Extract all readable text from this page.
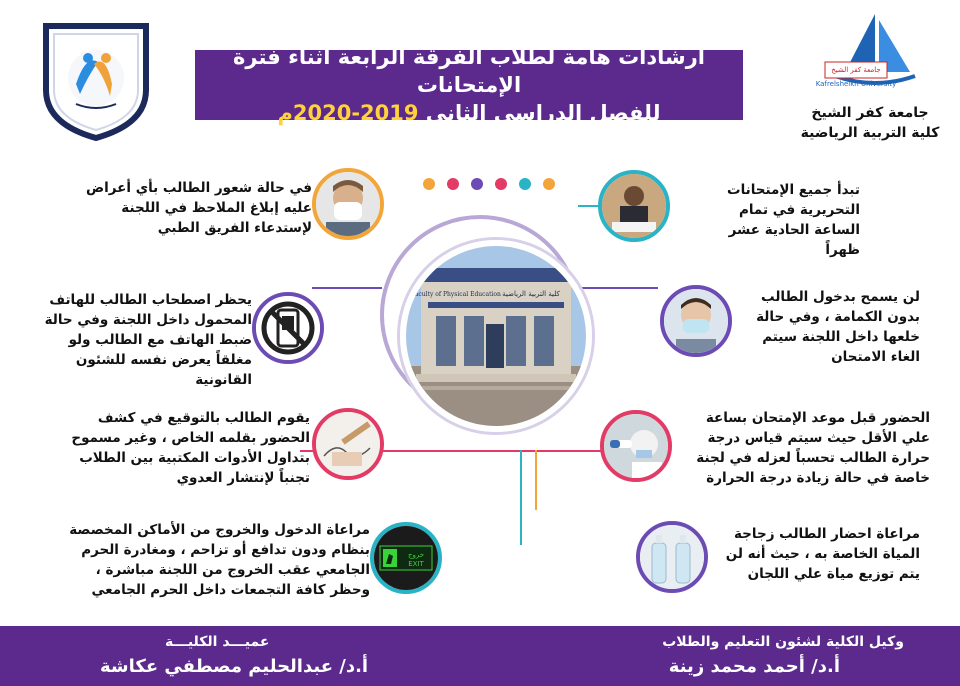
جامعة كفر الشيخ
Kafrelsheikh University
جامعة كفر الشيخ
كلية التربية الرياضية
ارشادات هامة لطلاب الفرقة الرابعة أثناء فترة الإمتحانات
للفصل الدراسي الثاني 2019-2020م
كلية التربية الرياضية
Faculty of Physical Education
تبدأ جميع الإمتحانات التحريرية في تمام الساعة الحادية عشر ظهراً
لن يسمح بدخول الطالب بدون الكمامة ، وفي حالة خلعها داخل اللجنة سيتم الغاء الامتحان
الحضور قبل موعد الإمتحان بساعة علي الأقل حيث سيتم قياس درجة حرارة الطالب تحسباً لعزله في لجنة خاصة في حالة زيادة درجة الحرارة
مراعاة احضار الطالب زجاجة المياة الخاصة به ، حيث أنه لن يتم توزيع مياة علي اللجان
في حالة شعور الطالب بأي أعراض عليه إبلاغ الملاحظ في اللجنة لإستدعاء الفريق الطبي
يحظر اصطحاب الطالب للهاتف المحمول داخل اللجنة وفي حالة ضبط الهاتف مع الطالب ولو مغلقاً يعرض نفسه للشئون القانونية
يقوم الطالب بالتوقيع في كشف الحضور بقلمه الخاص ، وغير مسموح بتداول الأدوات المكتبية بين الطلاب تجنباً لإنتشار العدوي
خروج
EXIT
مراعاة الدخول والخروج من الأماكن المخصصة بنظام ودون تدافع أو تزاحم ، ومغادرة الحرم الجامعي عقب الخروج من اللجنة مباشرة ، وحظر كافة التجمعات داخل الحرم الجامعي
وكيل الكلية لشئون التعليم والطلاب
أ.د/ أحمد محمد زينة
عميـــد الكليـــة
أ.د/ عبدالحليم مصطفي عكاشة
